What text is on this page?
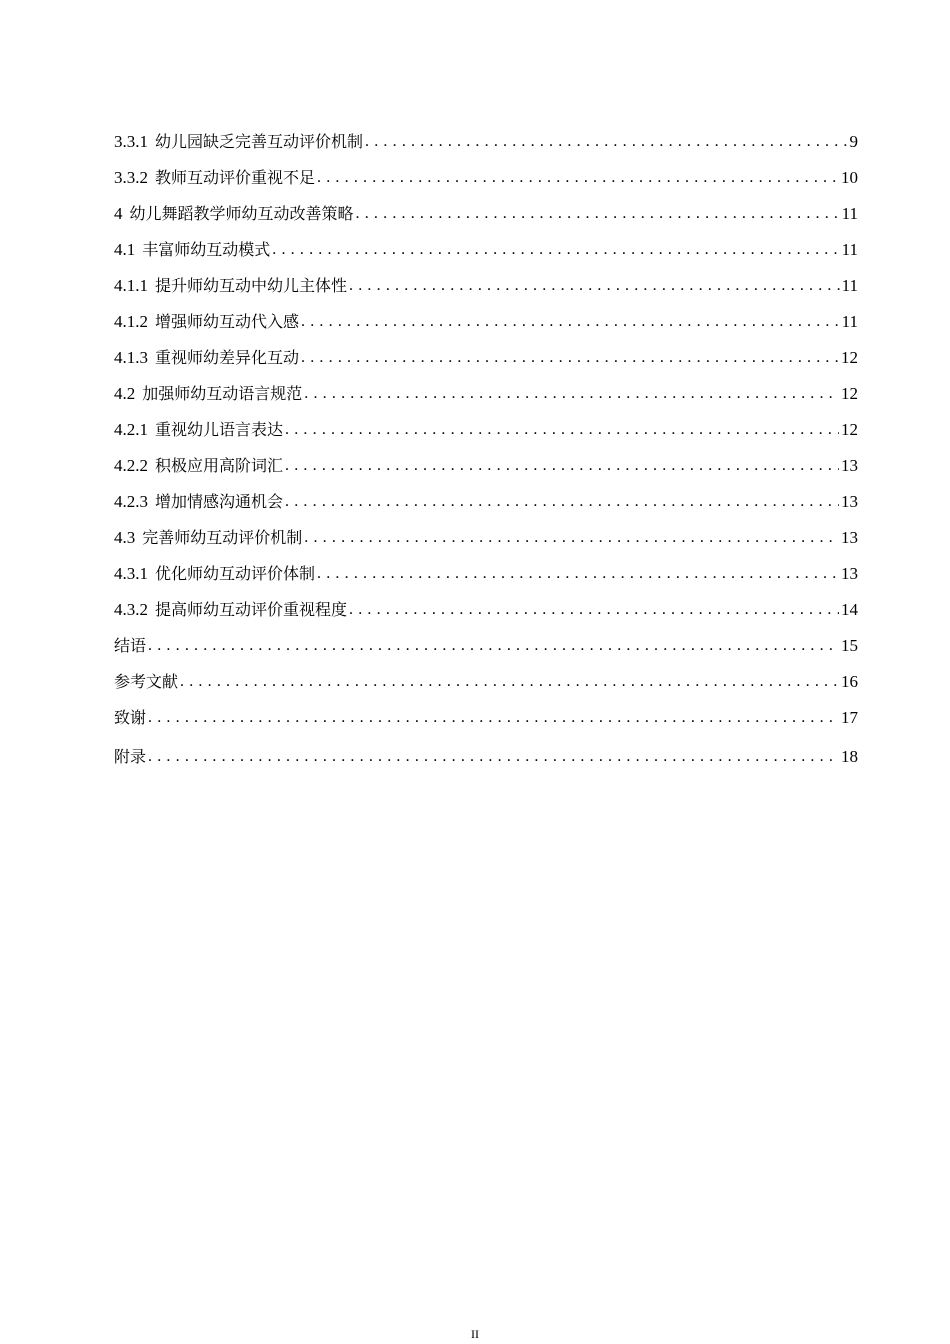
3.3.1 幼儿园缺乏完善互动评价机制 . . .	9
3.3.2 教师互动评价重视不足 . . .	10
4 幼儿舞蹈教学师幼互动改善策略 . . .	11
4.1 丰富师幼互动模式 . . .	11
4.1.1 提升师幼互动中幼儿主体性 . . .	11
4.1.2 增强师幼互动代入感 . . .	11
4.1.3 重视师幼差异化互动 . . .	12
4.2 加强师幼互动语言规范 . . .	12
4.2.1 重视幼儿语言表达 . . .	12
4.2.2 积极应用高阶词汇 . . .	13
4.2.3 增加情感沟通机会 . . .	13
4.3 完善师幼互动评价机制 . . .	13
4.3.1 优化师幼互动评价体制 . . .	13
4.3.2 提高师幼互动评价重视程度 . . .	14
结语 . . .	15
参考文献 . . .	16
致谢 . . .	17
附录 . . .	18
II
